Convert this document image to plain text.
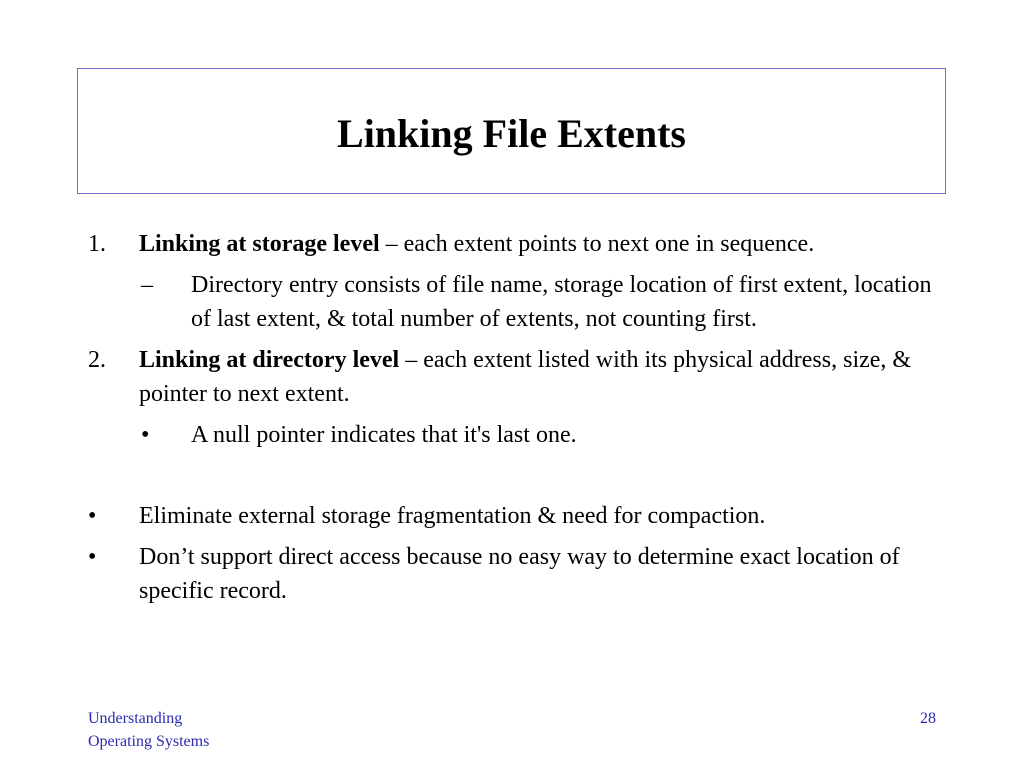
Linking File Extents
1.	Linking at storage level – each extent points to next one in sequence.
–	Directory entry consists of file name, storage location of first extent, location of last extent, & total number of extents, not counting first.
2.	Linking at directory level – each extent listed with its physical address, size, & pointer to next extent.
•	A null pointer indicates that it's last one.
•	Eliminate external storage fragmentation & need for compaction.
•	Don’t support direct access because no easy way to determine exact location of specific record.
Understanding
Operating Systems
28
